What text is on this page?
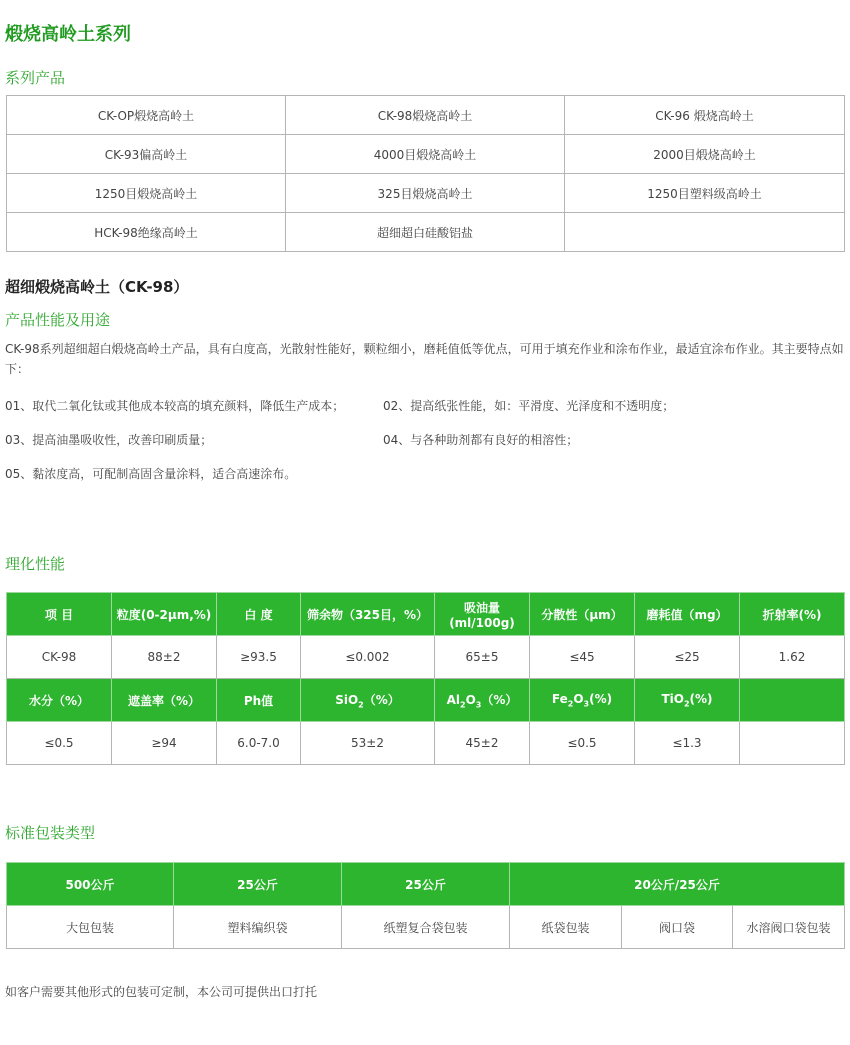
煅烧高岭土系列
系列产品
CK-OP煅烧高岭土	CK-98煅烧高岭土	CK-96 煅烧高岭土
CK-93偏高岭土	4000目煅烧高岭土	2000目煅烧高岭土
1250目煅烧高岭土	325目煅烧高岭土	1250目塑料级高岭土
HCK-98绝缘高岭土	超细超白硅酸铝盐	
超细煅烧高岭土（CK-98）
产品性能及用途
CK-98系列超细超白煅烧高岭土产品，具有白度高，光散射性能好，颗粒细小，磨耗值低等优点，可用于填充作业和涂布作业，最适宜涂布作业。其主要特点如下：
01、取代二氧化钛或其他成本较高的填充颜料，降低生产成本；	02、提高纸张性能，如：平滑度、光泽度和不透明度；
03、提高油墨吸收性，改善印刷质量；	04、与各种助剂都有良好的相溶性；
05、黏浓度高，可配制高固含量涂料，适合高速涂布。
理化性能
项 目	粒度(0-2μm,%)	白 度	筛余物（325目，%）	吸油量
(ml/100g)	分散性（μm）	磨耗值（mg）	折射率(%)
CK-98	88±2	≥93.5	≤0.002	65±5	≤45	≤25	1.62
水分（%）	遮盖率（%）	Ph值	SiO$_2$（%）	$Al_2O_3(\%)$	$Fe_2O_3(\%)$	TiO$_2$(%)	
≤0.5	≥94	6.0-7.0	53±2	45±2	≤0.5	≤1.3	
标准包装类型
500公斤	25公斤	25公斤	20公斤/25公斤		
大包包装	塑料编织袋	纸塑复合袋包装	纸袋包装	阀口袋	水溶阀口袋包装
如客户需要其他形式的包装可定制，本公司可提供出口打托
